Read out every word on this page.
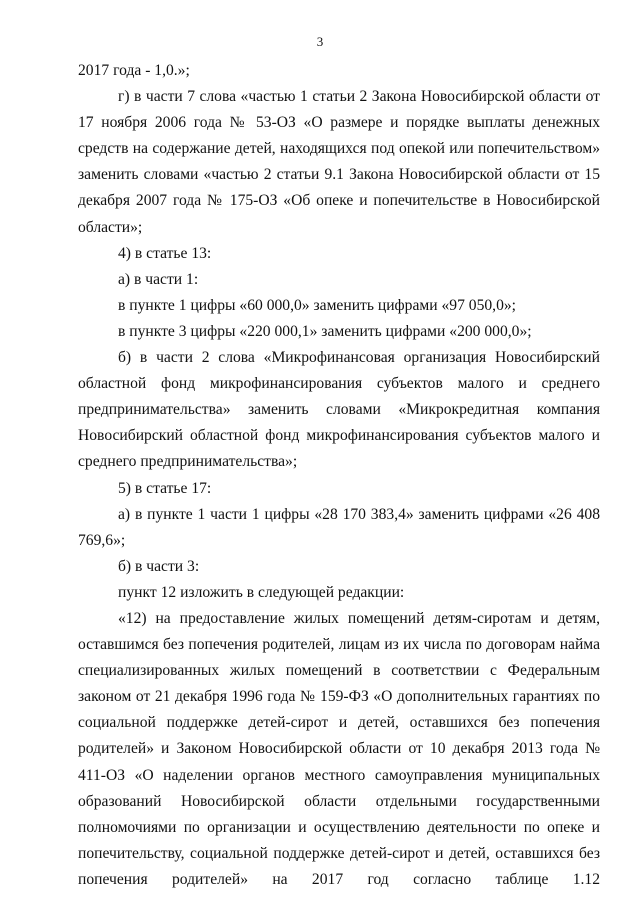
3

2017 года - 1,0.»;

г) в части 7 слова «частью 1 статьи 2 Закона Новосибирской области от 17 ноября 2006 года № 53-ОЗ «О размере и порядке выплаты денежных средств на содержание детей, находящихся под опекой или попечительством» заменить словами «частью 2 статьи 9.1 Закона Новосибирской области от 15 декабря 2007 года № 175-ОЗ «Об опеке и попечительстве в Новосибирской области»;

4) в статье 13:

а) в части 1:

в пункте 1 цифры «60 000,0» заменить цифрами «97 050,0»;

в пункте 3 цифры «220 000,1» заменить цифрами «200 000,0»;

б) в части 2 слова «Микрофинансовая организация Новосибирский областной фонд микрофинансирования субъектов малого и среднего предпринимательства» заменить словами «Микрокредитная компания Новосибирский областной фонд микрофинансирования субъектов малого и среднего предпринимательства»;

5) в статье 17:

а) в пункте 1 части 1 цифры «28 170 383,4» заменить цифрами «26 408 769,6»;

б) в части 3:

пункт 12 изложить в следующей редакции:

«12) на предоставление жилых помещений детям-сиротам и детям, оставшимся без попечения родителей, лицам из их числа по договорам найма специализированных жилых помещений в соответствии с Федеральным законом от 21 декабря 1996 года № 159-ФЗ «О дополнительных гарантиях по социальной поддержке детей-сирот и детей, оставшихся без попечения родителей» и Законом Новосибирской области от 10 декабря 2013 года № 411-ОЗ «О наделении органов местного самоуправления муниципальных образований Новосибирской области отдельными государственными полномочиями по организации и осуществлению деятельности по опеке и попечительству, социальной поддержке детей-сирот и детей, оставшихся без попечения родителей» на 2017 год согласно таблице 1.12
